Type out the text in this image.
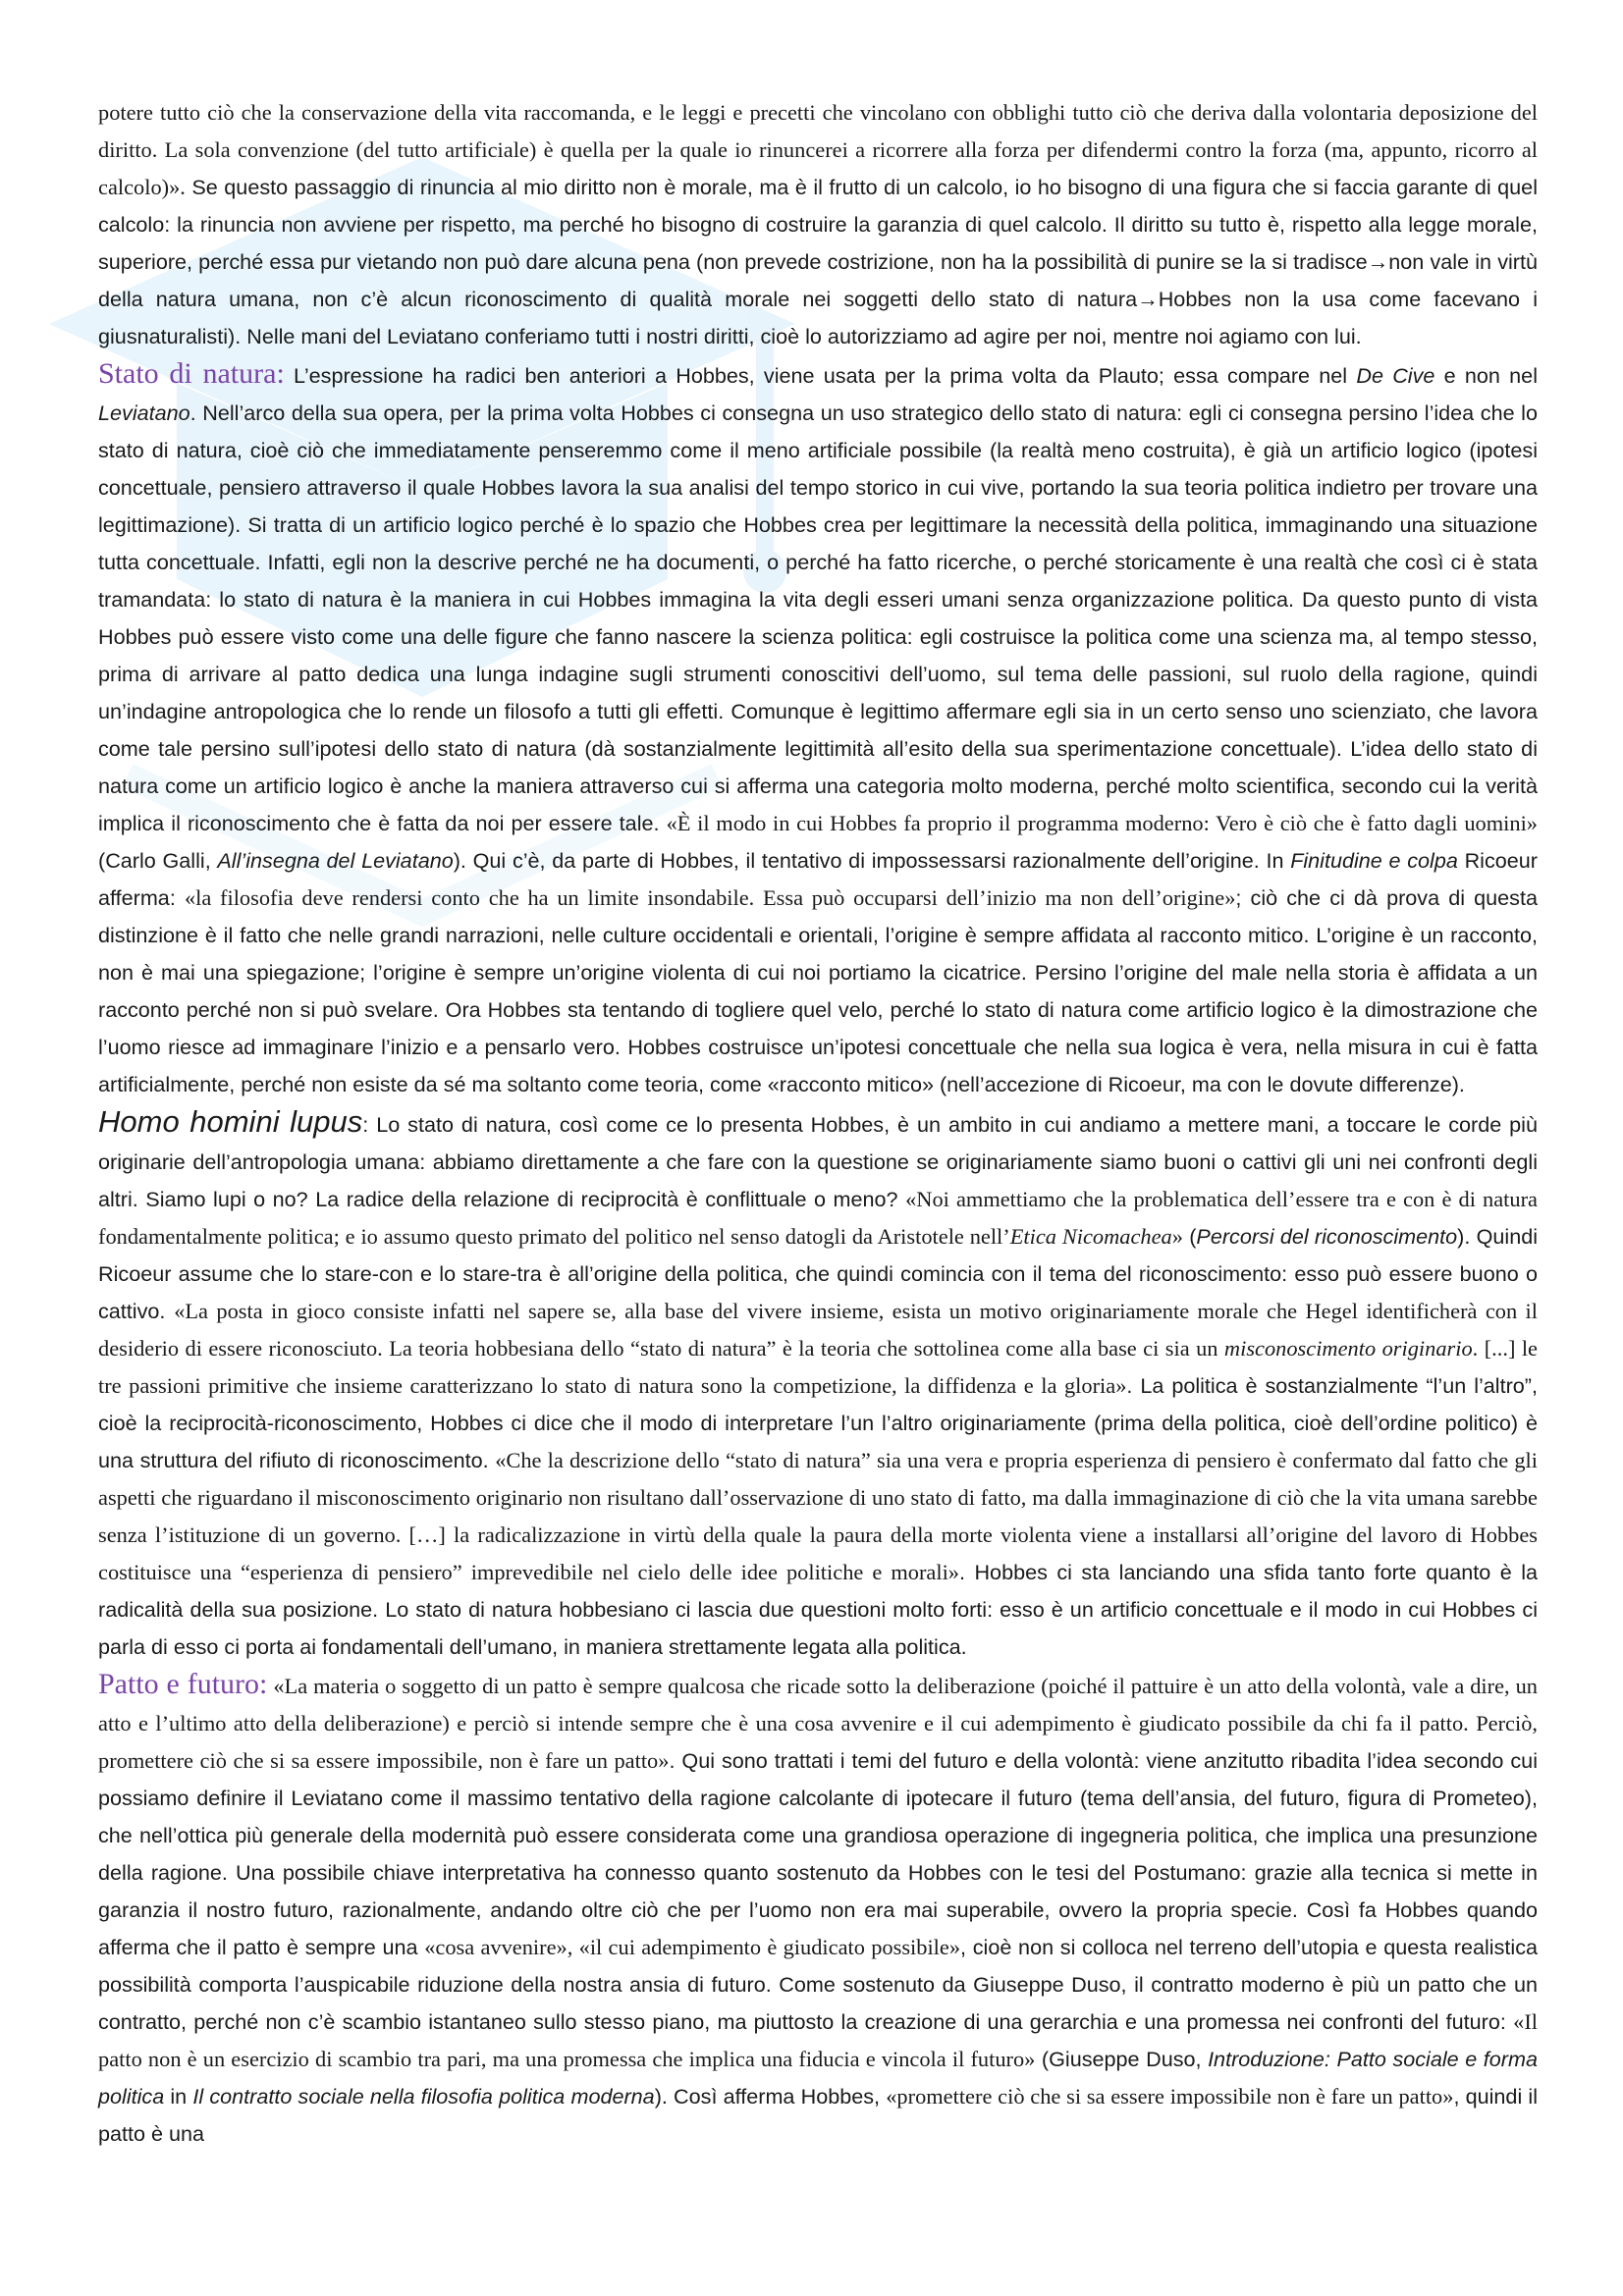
potere tutto ciò che la conservazione della vita raccomanda, e le leggi e precetti che vincolano con obblighi tutto ciò che deriva dalla volontaria deposizione del diritto. La sola convenzione (del tutto artificiale) è quella per la quale io rinuncerei a ricorrere alla forza per difendermi contro la forza (ma, appunto, ricorro al calcolo)». Se questo passaggio di rinuncia al mio diritto non è morale, ma è il frutto di un calcolo, io ho bisogno di una figura che si faccia garante di quel calcolo: la rinuncia non avviene per rispetto, ma perché ho bisogno di costruire la garanzia di quel calcolo. Il diritto su tutto è, rispetto alla legge morale, superiore, perché essa pur vietando non può dare alcuna pena (non prevede costrizione, non ha la possibilità di punire se la si tradisce→non vale in virtù della natura umana, non c’è alcun riconoscimento di qualità morale nei soggetti dello stato di natura→Hobbes non la usa come facevano i giusnaturalisti). Nelle mani del Leviatano conferiamo tutti i nostri diritti, cioè lo autorizziamo ad agire per noi, mentre noi agiamo con lui.

Stato di natura: L’espressione ha radici ben anteriori a Hobbes, viene usata per la prima volta da Plauto; essa compare nel De Cive e non nel Leviatano. Nell’arco della sua opera, per la prima volta Hobbes ci consegna un uso strategico dello stato di natura: egli ci consegna persino l’idea che lo stato di natura, cioè ciò che immediatamente penseremmo come il meno artificiale possibile (la realtà meno costruita), è già un artificio logico (ipotesi concettuale, pensiero attraverso il quale Hobbes lavora la sua analisi del tempo storico in cui vive, portando la sua teoria politica indietro per trovare una legittimazione). Si tratta di un artificio logico perché è lo spazio che Hobbes crea per legittimare la necessità della politica, immaginando una situazione tutta concettuale. Infatti, egli non la descrive perché ne ha documenti, o perché ha fatto ricerche, o perché storicamente è una realtà che così ci è stata tramandata: lo stato di natura è la maniera in cui Hobbes immagina la vita degli esseri umani senza organizzazione politica. Da questo punto di vista Hobbes può essere visto come una delle figure che fanno nascere la scienza politica: egli costruisce la politica come una scienza ma, al tempo stesso, prima di arrivare al patto dedica una lunga indagine sugli strumenti conoscitivi dell’uomo, sul tema delle passioni, sul ruolo della ragione, quindi un’indagine antropologica che lo rende un filosofo a tutti gli effetti. Comunque è legittimo affermare egli sia in un certo senso uno scienziato, che lavora come tale persino sull’ipotesi dello stato di natura (dà sostanzialmente legittimità all’esito della sua sperimentazione concettuale). L’idea dello stato di natura come un artificio logico è anche la maniera attraverso cui si afferma una categoria molto moderna, perché molto scientifica, secondo cui la verità implica il riconoscimento che è fatta da noi per essere tale. «È il modo in cui Hobbes fa proprio il programma moderno: Vero è ciò che è fatto dagli uomini» (Carlo Galli, All’insegna del Leviatano). Qui c’è, da parte di Hobbes, il tentativo di impossessarsi razionalmente dell’origine. In Finitudine e colpa Ricoeur afferma: «la filosofia deve rendersi conto che ha un limite insondabile. Essa può occuparsi dell’inizio ma non dell’origine»; ciò che ci dà prova di questa distinzione è il fatto che nelle grandi narrazioni, nelle culture occidentali e orientali, l’origine è sempre affidata al racconto mitico. L’origine è un racconto, non è mai una spiegazione; l’origine è sempre un’origine violenta di cui noi portiamo la cicatrice. Persino l’origine del male nella storia è affidata a un racconto perché non si può svelare. Ora Hobbes sta tentando di togliere quel velo, perché lo stato di natura come artificio logico è la dimostrazione che l’uomo riesce ad immaginare l’inizio e a pensarlo vero. Hobbes costruisce un’ipotesi concettuale che nella sua logica è vera, nella misura in cui è fatta artificialmente, perché non esiste da sé ma soltanto come teoria, come «racconto mitico» (nell’accezione di Ricoeur, ma con le dovute differenze).

Homo homini lupus: Lo stato di natura, così come ce lo presenta Hobbes, è un ambito in cui andiamo a mettere mani, a toccare le corde più originarie dell’antropologia umana: abbiamo direttamente a che fare con la questione se originariamente siamo buoni o cattivi gli uni nei confronti degli altri. Siamo lupi o no? La radice della relazione di reciprocità è conflittuale o meno? «Noi ammettiamo che la problematica dell’essere tra e con è di natura fondamentalmente politica; e io assumo questo primato del politico nel senso datogli da Aristotele nell’Etica Nicomachea» (Percorsi del riconoscimento). Quindi Ricoeur assume che lo stare-con e lo stare-tra è all’origine della politica, che quindi comincia con il tema del riconoscimento: esso può essere buono o cattivo. «La posta in gioco consiste infatti nel sapere se, alla base del vivere insieme, esista un motivo originariamente morale che Hegel identificherà con il desiderio di essere riconosciuto. La teoria hobbesiana dello “stato di natura” è la teoria che sottolinea come alla base ci sia un misconoscimento originario. [...] le tre passioni primitive che insieme caratterizzano lo stato di natura sono la competizione, la diffidenza e la gloria». La politica è sostanzialmente “l’un l’altro”, cioè la reciprocità-riconoscimento, Hobbes ci dice che il modo di interpretare l’un l’altro originariamente (prima della politica, cioè dell’ordine politico) è una struttura del rifiuto di riconoscimento. «Che la descrizione dello “stato di natura” sia una vera e propria esperienza di pensiero è confermato dal fatto che gli aspetti che riguardano il misconoscimento originario non risultano dall’osservazione di uno stato di fatto, ma dalla immaginazione di ciò che la vita umana sarebbe senza l’istituzione di un governo. […] la radicalizzazione in virtù della quale la paura della morte violenta viene a installarsi all’origine del lavoro di Hobbes costituisce una “esperienza di pensiero” imprevedibile nel cielo delle idee politiche e morali». Hobbes ci sta lanciando una sfida tanto forte quanto è la radicalità della sua posizione. Lo stato di natura hobbesiano ci lascia due questioni molto forti: esso è un artificio concettuale e il modo in cui Hobbes ci parla di esso ci porta ai fondamentali dell’umano, in maniera strettamente legata alla politica.

Patto e futuro: «La materia o soggetto di un patto è sempre qualcosa che ricade sotto la deliberazione (poiché il pattuire è un atto della volontà, vale a dire, un atto e l’ultimo atto della deliberazione) e perciò si intende sempre che è una cosa avvenire e il cui adempimento è giudicato possibile da chi fa il patto. Perciò, promettere ciò che si sa essere impossibile, non è fare un patto». Qui sono trattati i temi del futuro e della volontà: viene anzitutto ribadita l’idea secondo cui possiamo definire il Leviatano come il massimo tentativo della ragione calcolante di ipotecare il futuro (tema dell’ansia, del futuro, figura di Prometeo), che nell’ottica più generale della modernità può essere considerata come una grandiosa operazione di ingegneria politica, che implica una presunzione della ragione. Una possibile chiave interpretativa ha connesso quanto sostenuto da Hobbes con le tesi del Postumano: grazie alla tecnica si mette in garanzia il nostro futuro, razionalmente, andando oltre ciò che per l’uomo non era mai superabile, ovvero la propria specie. Così fa Hobbes quando afferma che il patto è sempre una «cosa avvenire», «il cui adempimento è giudicato possibile», cioè non si colloca nel terreno dell’utopia e questa realistica possibilità comporta l’auspicabile riduzione della nostra ansia di futuro. Come sostenuto da Giuseppe Duso, il contratto moderno è più un patto che un contratto, perché non c’è scambio istantaneo sullo stesso piano, ma piuttosto la creazione di una gerarchia e una promessa nei confronti del futuro: «Il patto non è un esercizio di scambio tra pari, ma una promessa che implica una fiducia e vincola il futuro» (Giuseppe Duso, Introduzione: Patto sociale e forma politica in Il contratto sociale nella filosofia politica moderna). Così afferma Hobbes, «promettere ciò che si sa essere impossibile non è fare un patto», quindi il patto è una
